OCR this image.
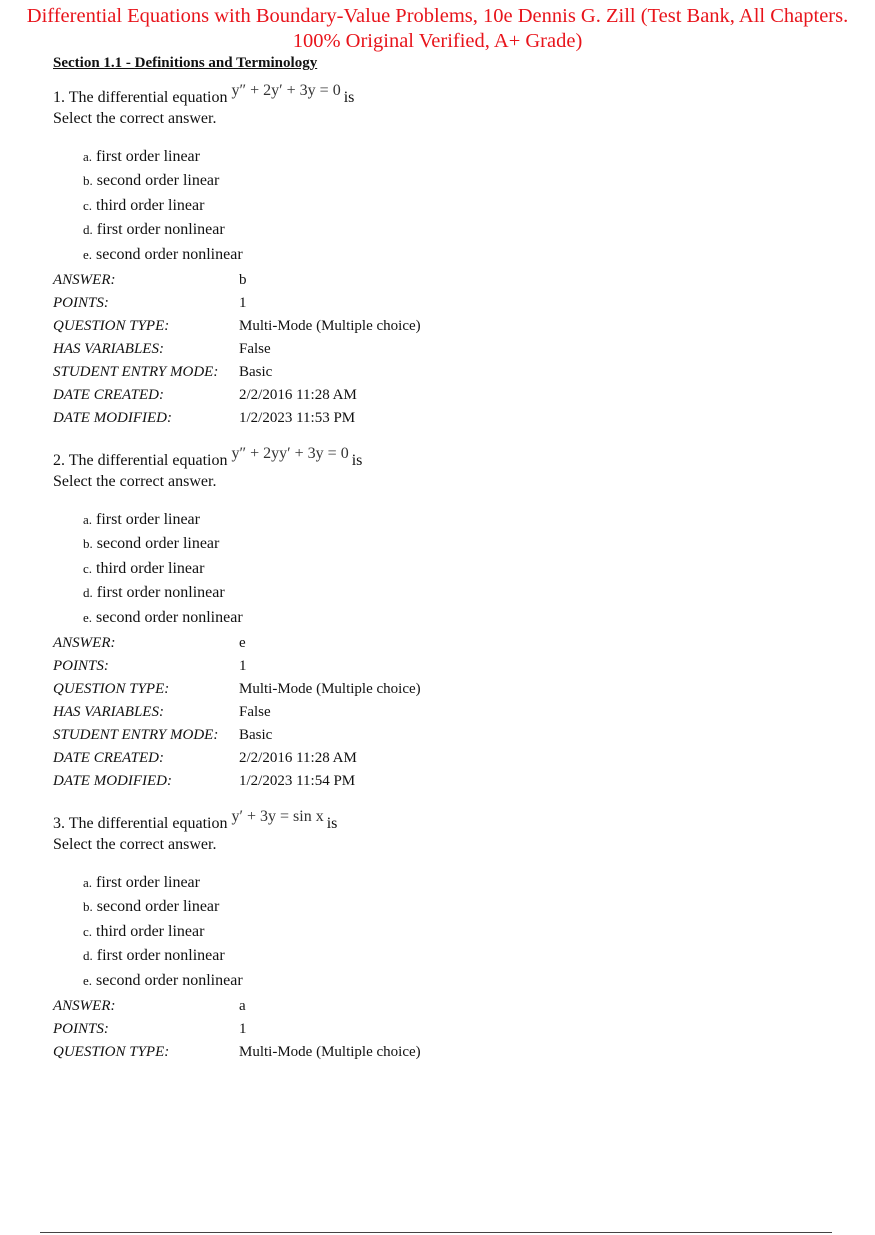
Differential Equations with Boundary-Value Problems, 10e Dennis G. Zill (Test Bank, All Chapters.
100% Original Verified, A+ Grade)
Section 1.1 - Definitions and Terminology
1. The differential equation y″ + 2y′ + 3y = 0 is
Select the correct answer.
a. first order linear
b. second order linear
c. third order linear
d. first order nonlinear
e. second order nonlinear
ANSWER:	b
POINTS:	1
QUESTION TYPE:	Multi-Mode (Multiple choice)
HAS VARIABLES:	False
STUDENT ENTRY MODE: Basic
DATE CREATED:	2/2/2016 11:28 AM
DATE MODIFIED:	1/2/2023 11:53 PM
2. The differential equation y″ + 2yy′ + 3y = 0 is
Select the correct answer.
a. first order linear
b. second order linear
c. third order linear
d. first order nonlinear
e. second order nonlinear
ANSWER:	e
POINTS:	1
QUESTION TYPE:	Multi-Mode (Multiple choice)
HAS VARIABLES:	False
STUDENT ENTRY MODE: Basic
DATE CREATED:	2/2/2016 11:28 AM
DATE MODIFIED:	1/2/2023 11:54 PM
3. The differential equation y′ + 3y = sin x is
Select the correct answer.
a. first order linear
b. second order linear
c. third order linear
d. first order nonlinear
e. second order nonlinear
ANSWER:	a
POINTS:	1
QUESTION TYPE:	Multi-Mode (Multiple choice)
